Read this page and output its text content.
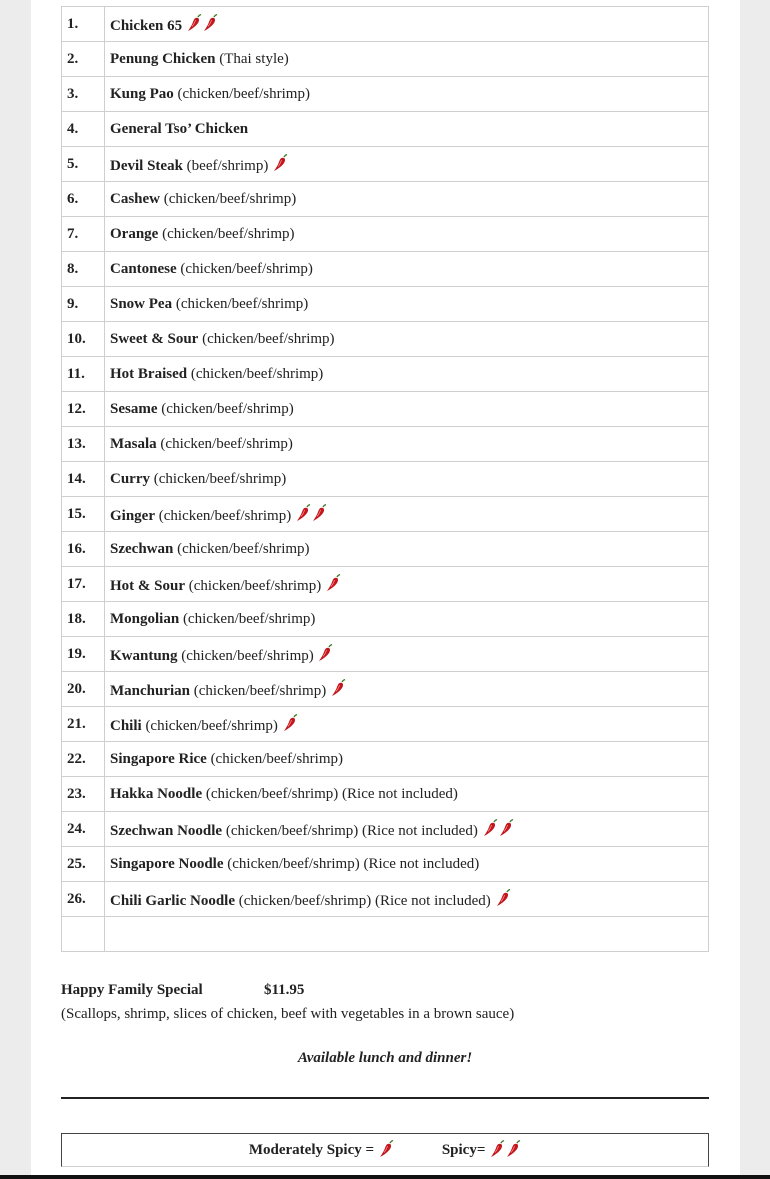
1.	Chicken 65
2.	Penung Chicken (Thai style)
3.	Kung Pao (chicken/beef/shrimp)
4.	General Tso’ Chicken
5.	Devil Steak (beef/shrimp)
6.	Cashew (chicken/beef/shrimp)
7.	Orange (chicken/beef/shrimp)
8.	Cantonese (chicken/beef/shrimp)
9.	Snow Pea (chicken/beef/shrimp)
10.	Sweet & Sour (chicken/beef/shrimp)
11.	Hot Braised (chicken/beef/shrimp)
12.	Sesame (chicken/beef/shrimp)
13.	Masala (chicken/beef/shrimp)
14.	Curry (chicken/beef/shrimp)
15.	Ginger (chicken/beef/shrimp)
16.	Szechwan (chicken/beef/shrimp)
17.	Hot & Sour (chicken/beef/shrimp)
18.	Mongolian (chicken/beef/shrimp)
19.	Kwantung (chicken/beef/shrimp)
20.	Manchurian (chicken/beef/shrimp)
21.	Chili (chicken/beef/shrimp)
22.	Singapore Rice (chicken/beef/shrimp)
23.	Hakka Noodle (chicken/beef/shrimp) (Rice not included)
24.	Szechwan Noodle (chicken/beef/shrimp) (Rice not included)
25.	Singapore Noodle (chicken/beef/shrimp) (Rice not included)
26.	Chili Garlic Noodle (chicken/beef/shrimp) (Rice not included)

Happy Family Special	$11.95
(Scallops, shrimp, slices of chicken, beef with vegetables in a brown sauce)
Available lunch and dinner!
Moderately Spicy =
	Spicy=
